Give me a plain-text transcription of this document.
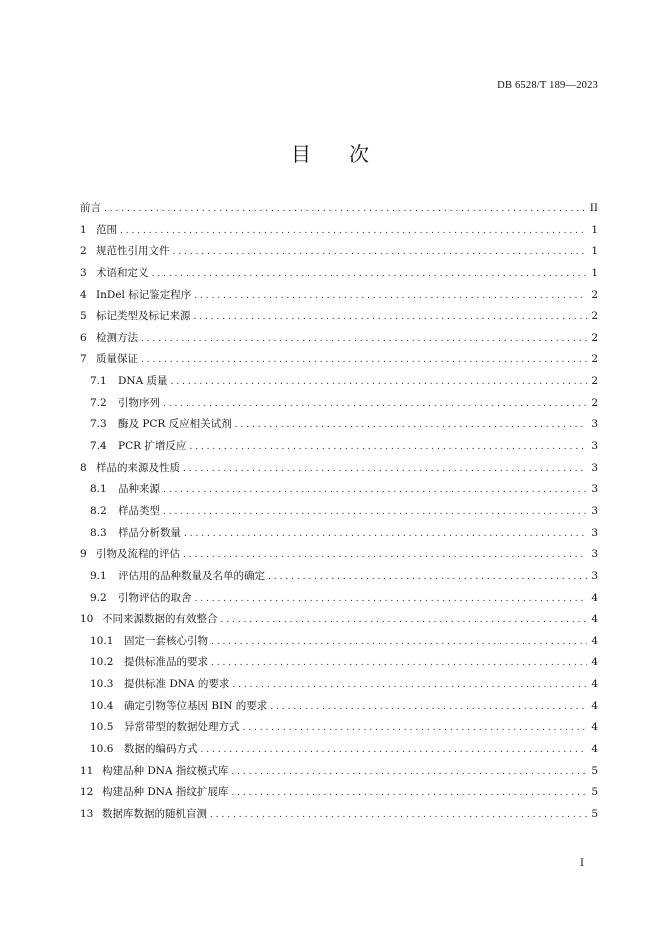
DB 6528/T 189—2023
目 次
前言 .....	II
1 范围 .....	1
2 规范性引用文件 .....	1
3 术语和定义 .....	1
4 InDel 标记鉴定程序 .....	2
5 标记类型及标记来源 .....	2
6 检测方法 .....	2
7 质量保证 .....	2
7.1	DNA 质量 .....	2
7.2	引物序列 .....	2
7.3	酶及 PCR 反应相关试剂 .....	3
7.4	PCR 扩增反应 .....	3
8 样品的来源及性质 .....	3
8.1	品种来源 .....	3
8.2	样品类型 .....	3
8.3	样品分析数量 .....	3
9 引物及流程的评估 .....	3
9.1	评估用的品种数量及名单的确定 .....	3
9.2	引物评估的取舍 .....	4
10 不同来源数据的有效整合 .....	4
10.1	固定一套核心引物 .....	4
10.2	提供标准品的要求 .....	4
10.3	提供标准 DNA 的要求 .....	4
10.4	确定引物等位基因 BIN 的要求 .....	4
10.5	异常带型的数据处理方式 .....	4
10.6	数据的编码方式 .....	4
11 构建品种 DNA 指纹模式库 .....	5
12 构建品种 DNA 指纹扩展库 .....	5
13 数据库数据的随机盲测 .....	5
I
